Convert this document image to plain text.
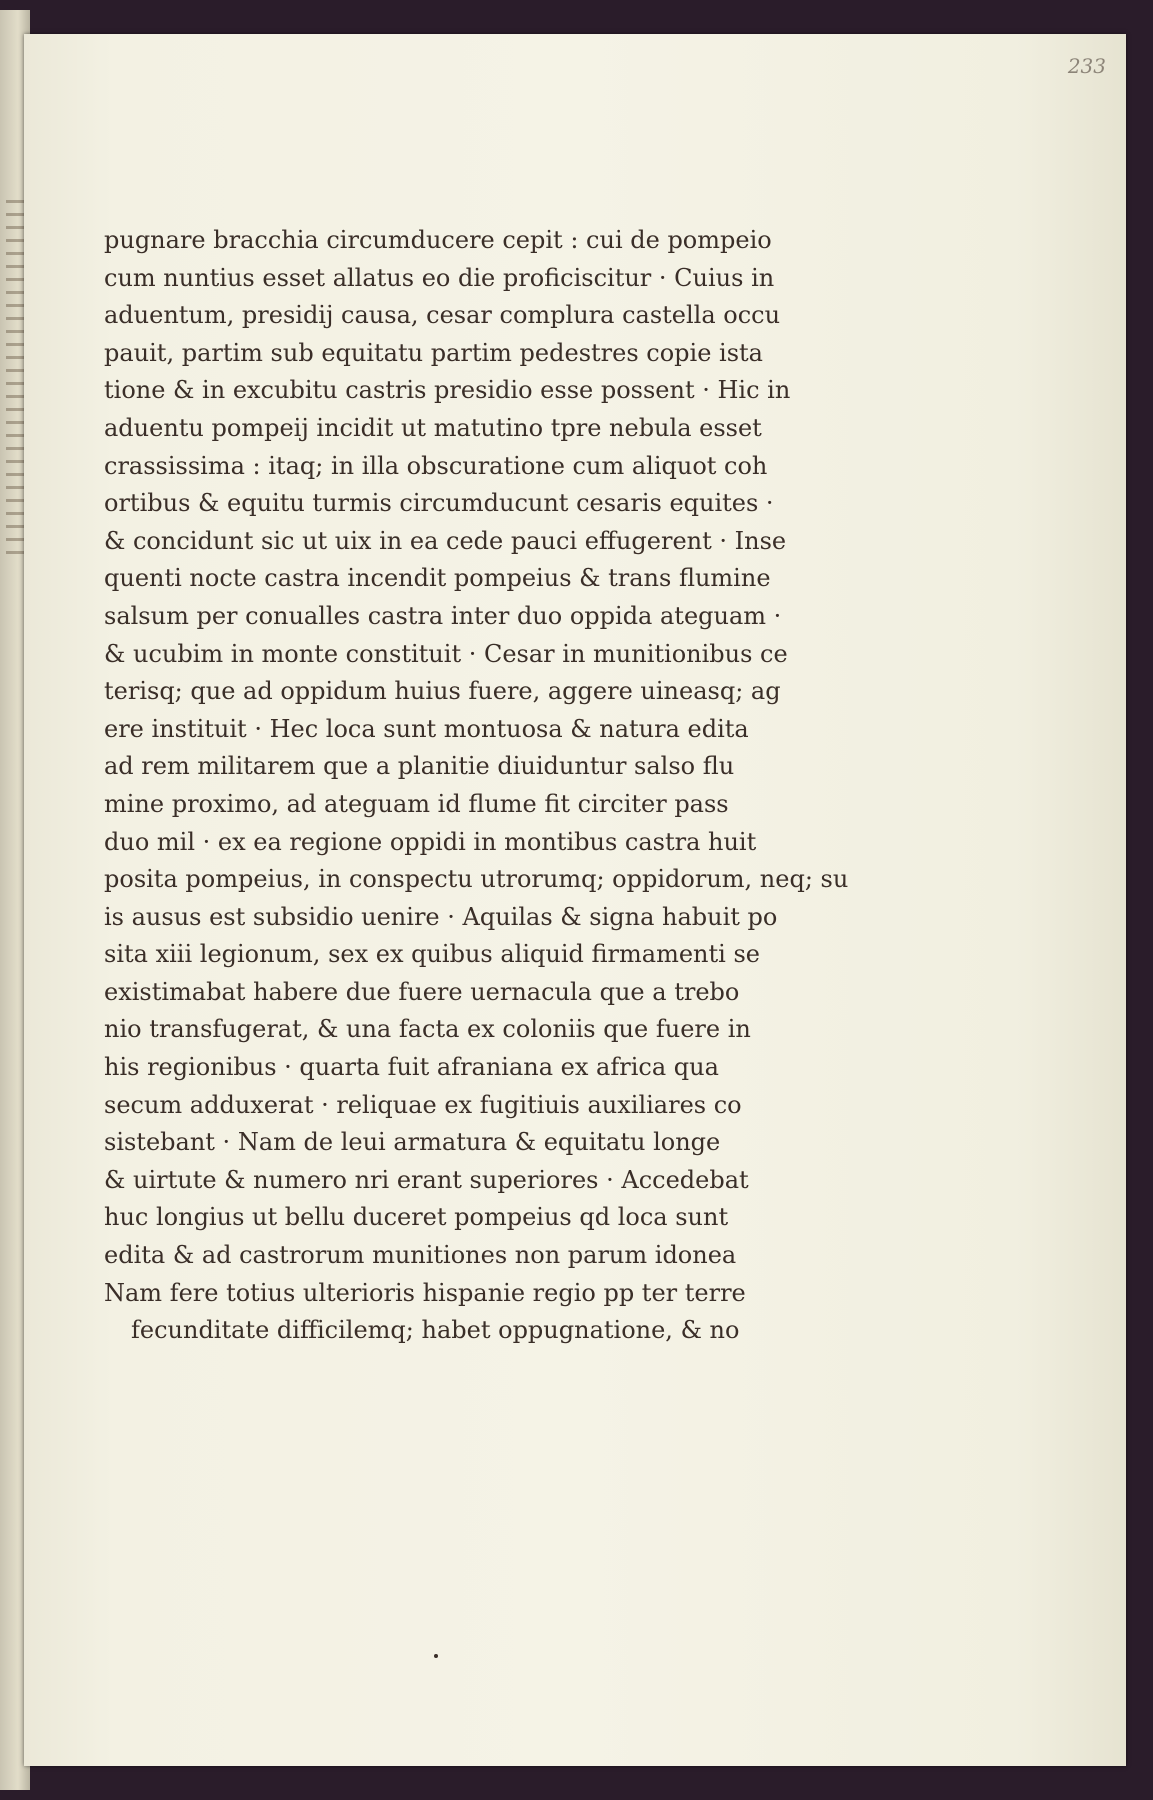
233
pugnare bracchia circumducere cepit : cui de pompeio
cum nuntius esset allatus eo die proficiscitur · Cuius in
aduentum, presidij causa, cesar complura castella occu
pauit, partim sub equitatu partim pedestres copie ista
tione & in excubitu castris presidio esse possent · Hic in
aduentu pompeij incidit ut matutino tpre nebula esset
crassissima : itaq; in illa obscuratione cum aliquot coh
ortibus & equitu turmis circumducunt cesaris equites ·
& concidunt sic ut uix in ea cede pauci effugerent · Inse
quenti nocte castra incendit pompeius & trans flumine
salsum per conualles castra inter duo oppida ateguam ·
& ucubim in monte constituit · Cesar in munitionibus ce
terisq; que ad oppidum huius fuere, aggere uineasq; ag
ere instituit · Hec loca sunt montuosa & natura edita
ad rem militarem que a planitie diuiduntur salso flu
mine proximo, ad ateguam id flume fit circiter pass
duo mil · ex ea regione oppidi in montibus castra huit
posita pompeius, in conspectu utrorumq; oppidorum, neq; su
is ausus est subsidio uenire · Aquilas & signa habuit po
sita xiii legionum, sex ex quibus aliquid firmamenti se
existimabat habere due fuere uernacula que a trebo
nio transfugerat, & una facta ex coloniis que fuere in
his regionibus · quarta fuit afraniana ex africa qua
secum adduxerat · reliquae ex fugitiuis auxiliares co
sistebant · Nam de leui armatura & equitatu longe
& uirtute & numero nri erant superiores · Accedebat
huc longius ut bellu duceret pompeius qd loca sunt
edita & ad castrorum munitiones non parum idonea
Nam fere totius ulterioris hispanie regio pp ter terre
fecunditate difficilemq; habet oppugnatione, & no
